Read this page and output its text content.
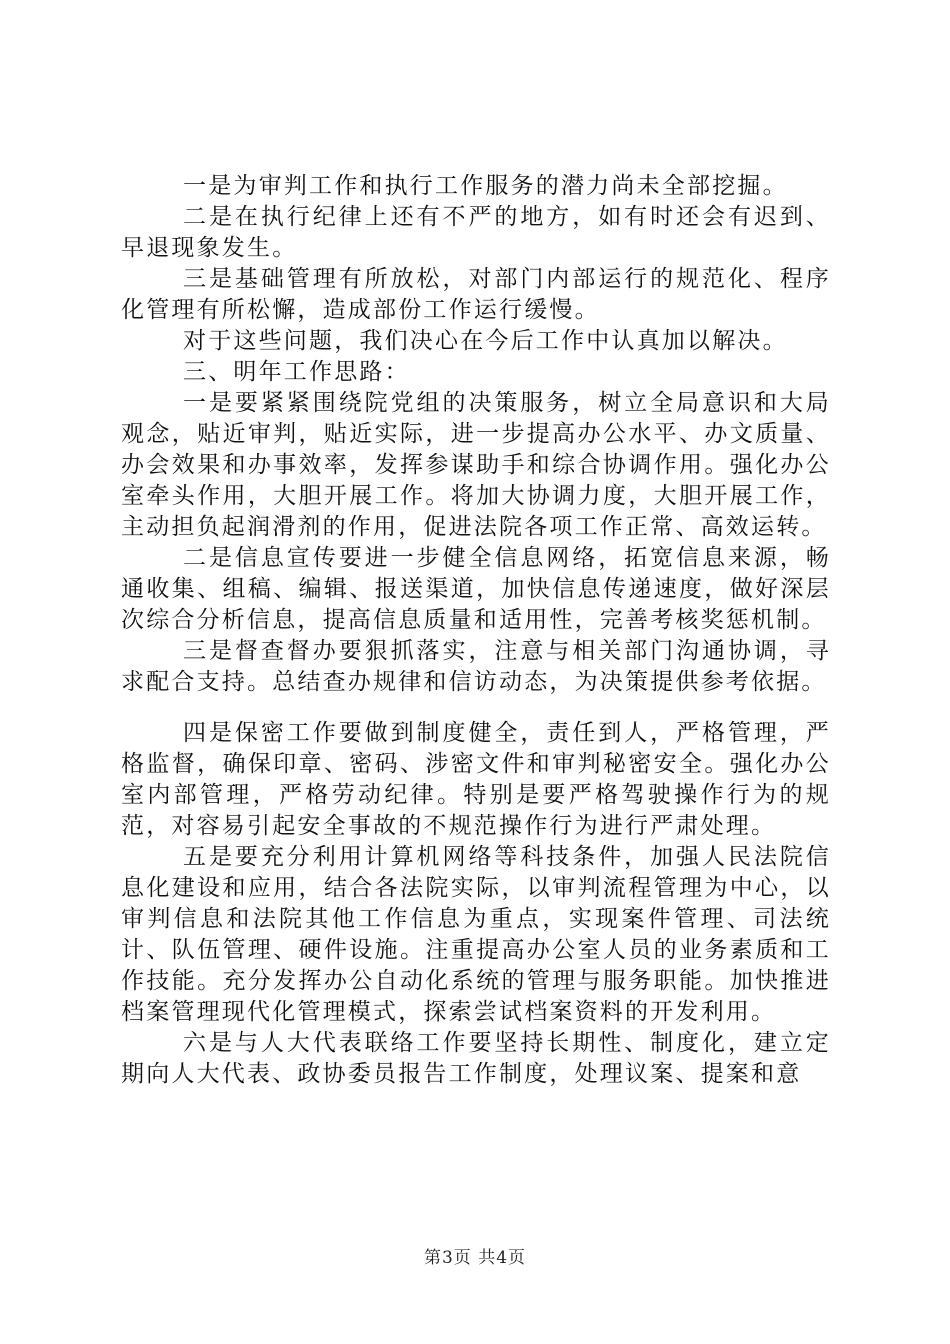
一是为审判工作和执行工作服务的潜力尚未全部挖掘。

二是在执行纪律上还有不严的地方，如有时还会有迟到、早退现象发生。

三是基础管理有所放松，对部门内部运行的规范化、程序化管理有所松懈，造成部份工作运行缓慢。

对于这些问题，我们决心在今后工作中认真加以解决。

三、明年工作思路：

一是要紧紧围绕院党组的决策服务，树立全局意识和大局观念，贴近审判，贴近实际，进一步提高办公水平、办文质量、办会效果和办事效率，发挥参谋助手和综合协调作用。强化办公室牵头作用，大胆开展工作。将加大协调力度，大胆开展工作，主动担负起润滑剂的作用，促进法院各项工作正常、高效运转。

二是信息宣传要进一步健全信息网络，拓宽信息来源，畅通收集、组稿、编辑、报送渠道，加快信息传递速度，做好深层次综合分析信息，提高信息质量和适用性，完善考核奖惩机制。

三是督查督办要狠抓落实，注意与相关部门沟通协调，寻求配合支持。总结查办规律和信访动态，为决策提供参考依据。

四是保密工作要做到制度健全，责任到人，严格管理，严格监督，确保印章、密码、涉密文件和审判秘密安全。强化办公室内部管理，严格劳动纪律。特别是要严格驾驶操作行为的规范，对容易引起安全事故的不规范操作行为进行严肃处理。

五是要充分利用计算机网络等科技条件，加强人民法院信息化建设和应用，结合各法院实际，以审判流程管理为中心，以审判信息和法院其他工作信息为重点，实现案件管理、司法统计、队伍管理、硬件设施。注重提高办公室人员的业务素质和工作技能。充分发挥办公自动化系统的管理与服务职能。加快推进档案管理现代化管理模式，探索尝试档案资料的开发利用。

六是与人大代表联络工作要坚持长期性、制度化，建立定期向人大代表、政协委员报告工作制度，处理议案、提案和意

第3页 共4页
